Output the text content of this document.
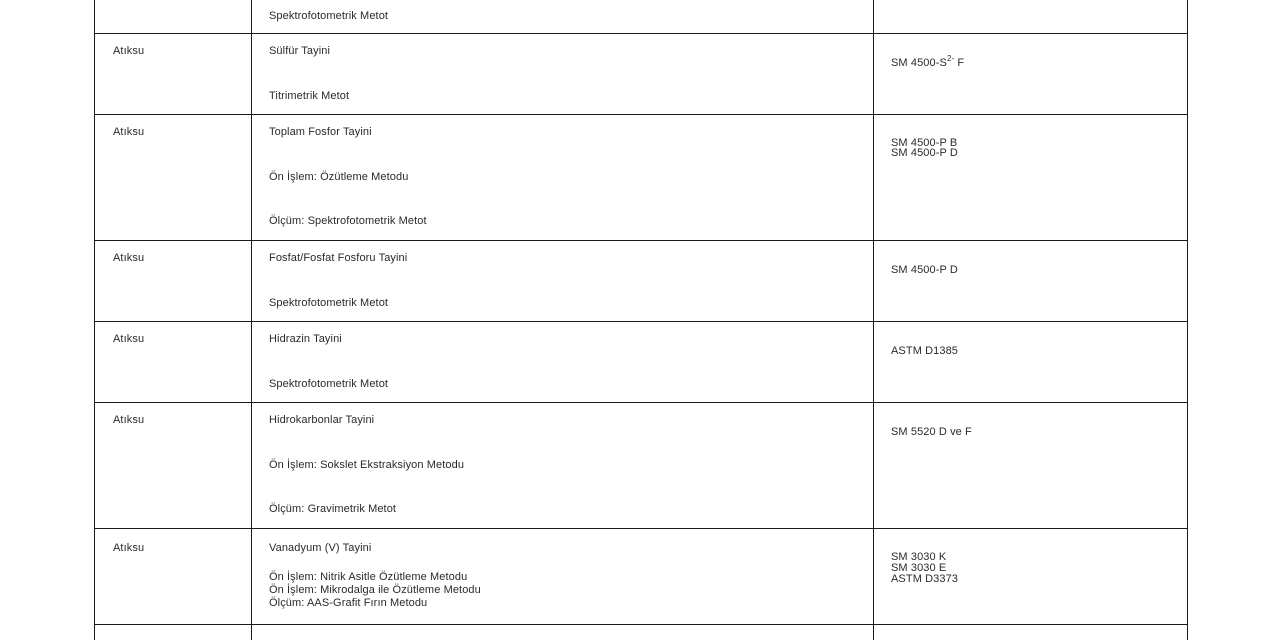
	Spektrofotometrik Metot	

Atıksu	Sülfür Tayini
Titrimetrik Metot	SM $4500-S^{2-}$ F

Atıksu	Toplam Fosfor Tayini
Ön İşlem: Özütleme Metodu
Ölçüm: Spektrofotometrik Metot	SM 4500-P B
SM 4500-P D

Atıksu	Fosfat/Fosfat Fosforu Tayini
Spektrofotometrik Metot	SM 4500-P D

Atıksu	Hidrazin Tayini
Spektrofotometrik Metot	ASTM D1385

Atıksu	Hidrokarbonlar Tayini
Ön İşlem: Sokslet Ekstraksiyon Metodu
Ölçüm: Gravimetrik Metot	SM 5520 D ve F

Atıksu	Vanadyum (V) Tayini
Ön İşlem: Nitrik Asitle Özütleme Metodu
Ön İşlem: Mikrodalga ile Özütleme Metodu
Ölçüm: AAS-Grafit Fırın Metodu	SM 3030 K
SM 3030 E
ASTM D3373
